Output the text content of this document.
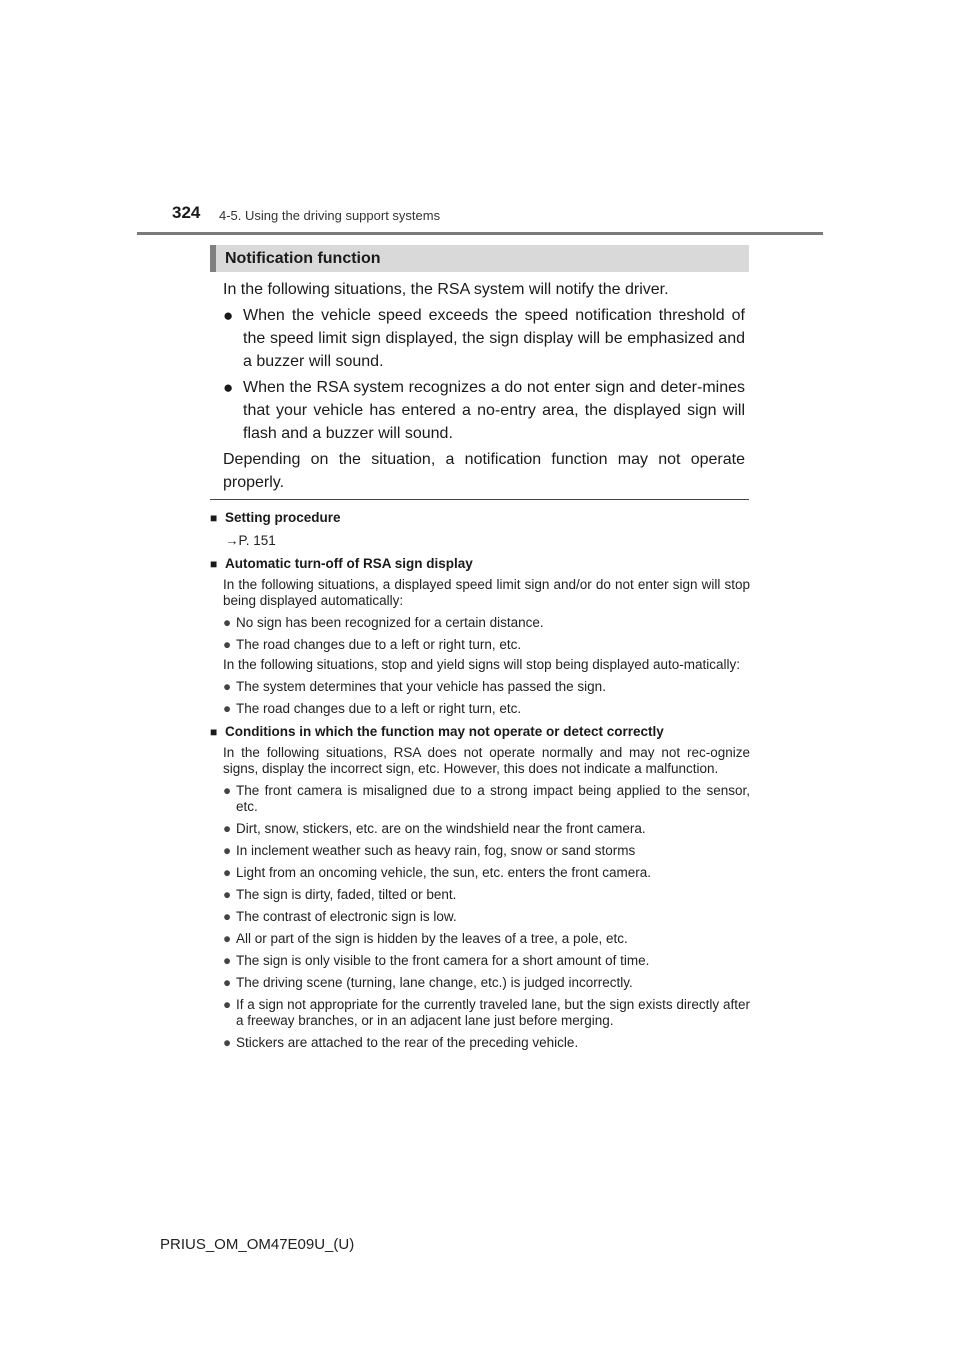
324 4-5. Using the driving support systems
Notification function

In the following situations, the RSA system will notify the driver.

● When the vehicle speed exceeds the speed notification threshold of the speed limit sign displayed, the sign display will be emphasized and a buzzer will sound.
● When the RSA system recognizes a do not enter sign and deter-mines that your vehicle has entered a no-entry area, the displayed sign will flash and a buzzer will sound.

Depending on the situation, a notification function may not operate properly.

■ Setting procedure
→P. 151
■ Automatic turn-off of RSA sign display
In the following situations, a displayed speed limit sign and/or do not enter sign will stop being displayed automatically:
● No sign has been recognized for a certain distance.
● The road changes due to a left or right turn, etc.
In the following situations, stop and yield signs will stop being displayed auto-matically:
● The system determines that your vehicle has passed the sign.
● The road changes due to a left or right turn, etc.
■ Conditions in which the function may not operate or detect correctly
In the following situations, RSA does not operate normally and may not rec-ognize signs, display the incorrect sign, etc. However, this does not indicate a malfunction.
● The front camera is misaligned due to a strong impact being applied to the sensor, etc.
● Dirt, snow, stickers, etc. are on the windshield near the front camera.
● In inclement weather such as heavy rain, fog, snow or sand storms
● Light from an oncoming vehicle, the sun, etc. enters the front camera.
● The sign is dirty, faded, tilted or bent.
● The contrast of electronic sign is low.
● All or part of the sign is hidden by the leaves of a tree, a pole, etc.
● The sign is only visible to the front camera for a short amount of time.
● The driving scene (turning, lane change, etc.) is judged incorrectly.
● If a sign not appropriate for the currently traveled lane, but the sign exists directly after a freeway branches, or in an adjacent lane just before merging.
● Stickers are attached to the rear of the preceding vehicle.
PRIUS_OM_OM47E09U_(U)
